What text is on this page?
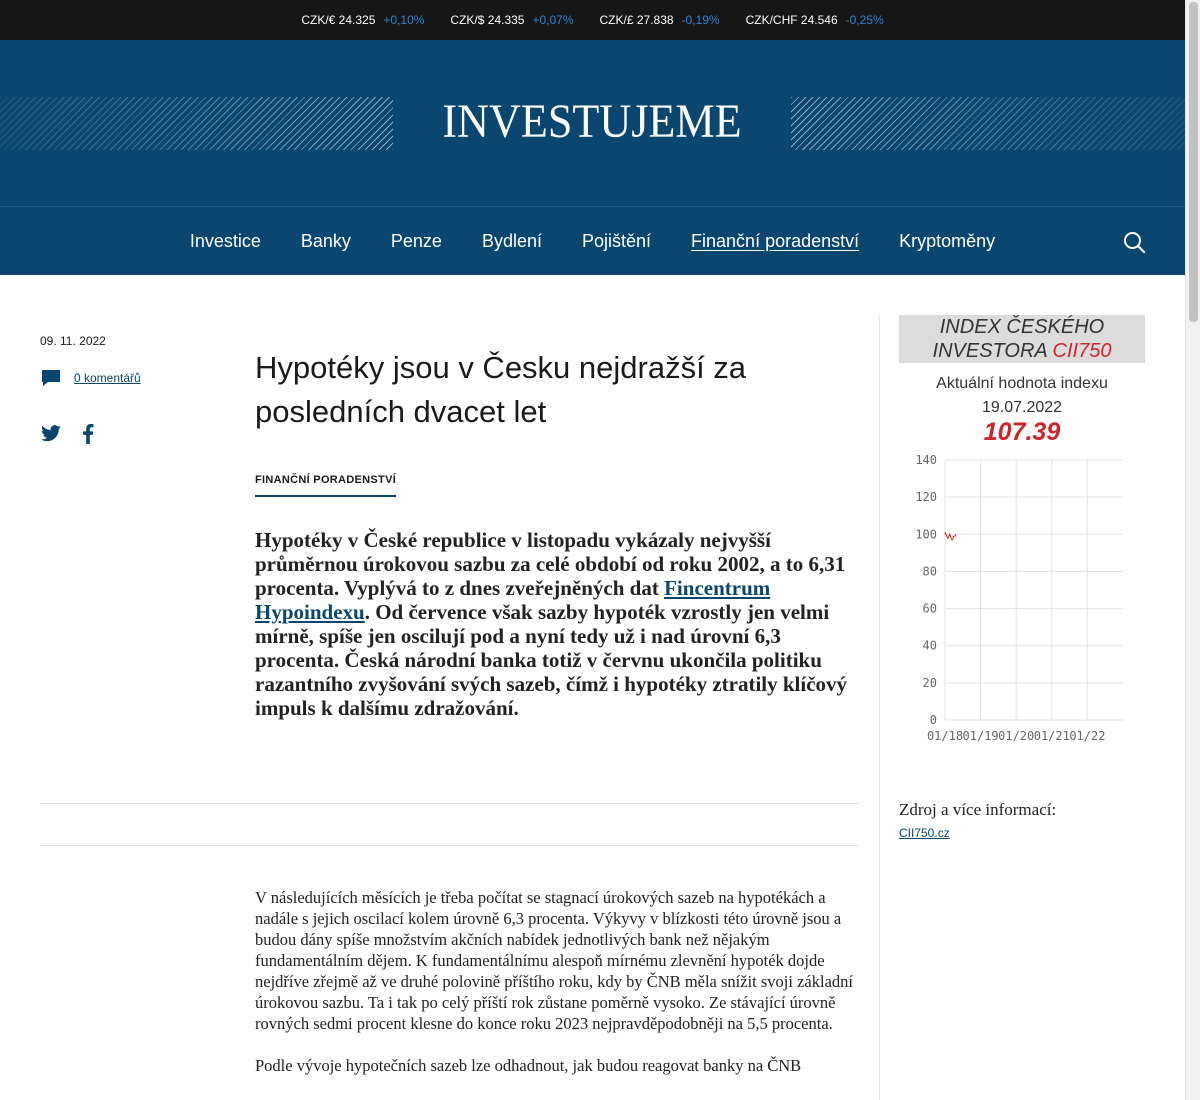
CZK/€ 24.325 +0,10% CZK/$ 24.335 +0,07% CZK/£ 27.838 -0,19% CZK/CHF 24.546 -0,25%
INVESTUJEME
Investice Banky Penze Bydlení Pojištění Finanční poradenství Kryptoměny
09. 11. 2022
0 komentářů	Hypotéky jsou v Česku nejdražší za posledních dvacet let
FINANČNÍ PORADENSTVÍ
Hypotéky v České republice v listopadu vykázaly nejvyšší průměrnou úrokovou sazbu za celé období od roku 2002, a to 6,31 procenta. Vyplývá to z dnes zveřejněných dat Fincentrum Hypoindexu. Od července však sazby hypoték vzrostly jen velmi mírně, spíše jen oscilují pod a nyní tedy už i nad úrovní 6,3 procenta. Česká národní banka totiž v červnu ukončila politiku razantního zvyšování svých sazeb, čímž i hypotéky ztratily klíčový impuls k dalšímu zdražování.

V následujících měsících je třeba počítat se stagnací úrokových sazeb na hypotékách a nadále s jejich oscilací kolem úrovně 6,3 procenta. Výkyvy v blízkosti této úrovně jsou a budou dány spíše množstvím akčních nabídek jednotlivých bank než nějakým fundamentálním dějem. K fundamentálnímu alespoň mírnému zlevnění hypoték dojde nejdříve zřejmě až ve druhé polovině příštího roku, kdy by ČNB měla snížit svoji základní úrokovou sazbu. Ta i tak po celý příští rok zůstane poměrně vysoko. Ze stávající úrovně rovných sedmi procent klesne do konce roku 2023 nejpravděpodobněji na 5,5 procenta.

Podle vývoje hypotečních sazeb lze odhadnout, jak budou reagovat banky na ČNB

INDEX ČESKÉHO
INVESTORA CII750
Aktuální hodnota indexu
19.07.2022
107.39
0
20
40
60
80
100
120
140
01/18 01/19 01/20 01/21 01/22
Zdroj a více informací:
CII750.cz
